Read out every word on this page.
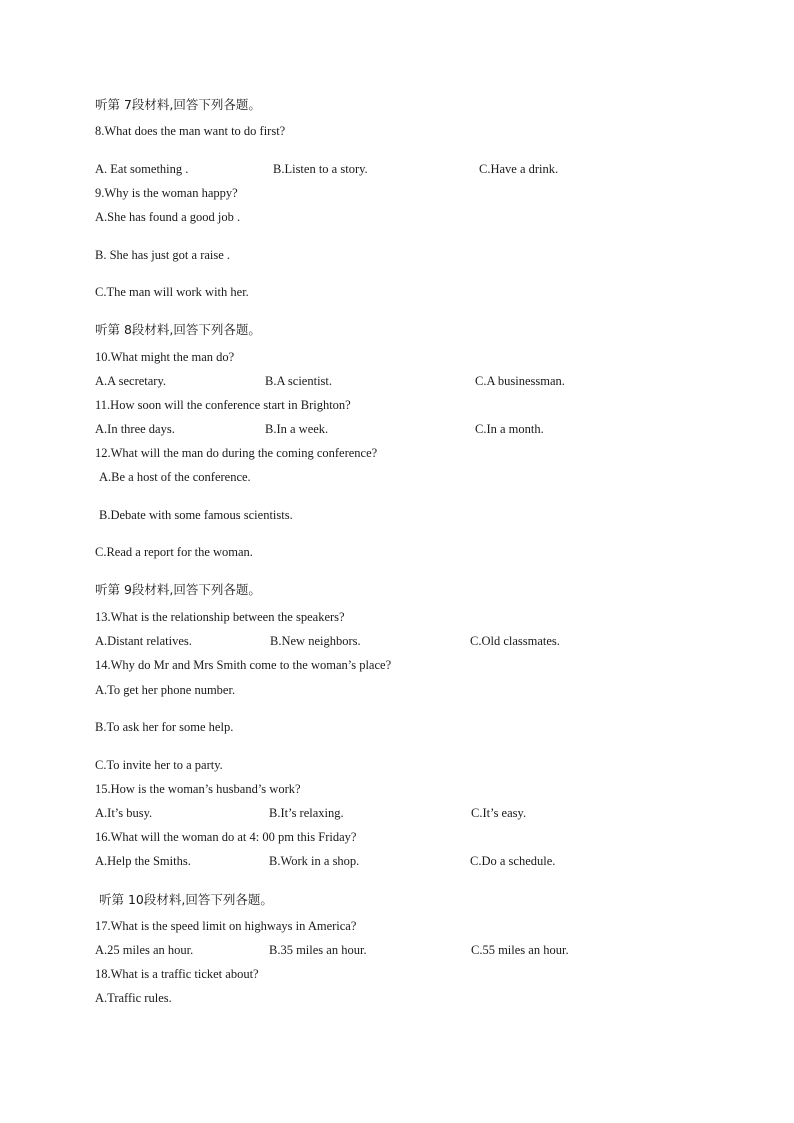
听第 7段材料,回答下列各题。
8.What does the man want to do first?
A. Eat something .	B.Listen to a story.	C.Have a drink.
9.Why is the woman happy?
A.She has found a good job .
B. She has just got a raise .
C.The man will work with her.
听第 8段材料,回答下列各题。
10.What might the man do?
A.A secretary.	B.A scientist.	C.A businessman.
11.How soon will the conference start in Brighton?
A.In three days.	B.In a week.	C.In a month.
12.What will the man do during the coming conference?
A.Be a host of the conference.
B.Debate with some famous scientists.
C.Read a report for the woman.
听第 9段材料,回答下列各题。
13.What is the relationship between the speakers?
A.Distant relatives.	B.New neighbors.	C.Old classmates.
14.Why do Mr and Mrs Smith come to the woman’s place?
A.To get her phone number.
B.To ask her for some help.
C.To invite her to a party.
15.How is the woman’s husband’s work?
A.It’s busy.	B.It’s relaxing.	C.It’s easy.
16.What will the woman do at 4: 00 pm this Friday?
A.Help the Smiths.	B.Work in a shop.	C.Do a schedule.
听第 10段材料,回答下列各题。
17.What is the speed limit on highways in America?
A.25 miles an hour.	B.35 miles an hour.	C.55 miles an hour.
18.What is a traffic ticket about?
A.Traffic rules.
